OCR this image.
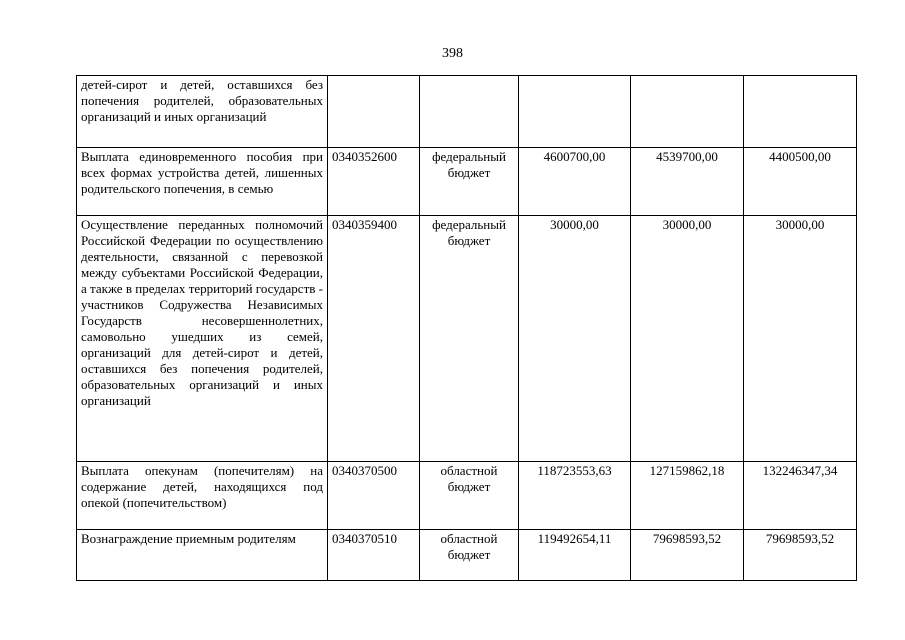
398
детей-сирот и детей, оставшихся без попечения родителей, образовательных организаций и иных организаций					
Выплата единовременного пособия при всех формах устройства детей, лишенных родительского попечения, в семью	0340352600	федеральный бюджет	4600700,00	4539700,00	4400500,00
Осуществление переданных полномочий Российской Федерации по осуществлению деятельности, связанной с перевозкой между субъектами Российской Федерации, а также в пределах территорий государств - участников Содружества Независимых Государств несовершеннолетних, самовольно ушедших из семей, организаций для детей-сирот и детей, оставшихся без попечения родителей, образовательных организаций и иных организаций	0340359400	федеральный бюджет	30000,00	30000,00	30000,00
Выплата опекунам (попечителям) на содержание детей, находящихся под опекой (попечительством)	0340370500	областной бюджет	118723553,63	127159862,18	132246347,34
Вознаграждение приемным родителям	0340370510	областной бюджет	119492654,11	79698593,52	79698593,52
